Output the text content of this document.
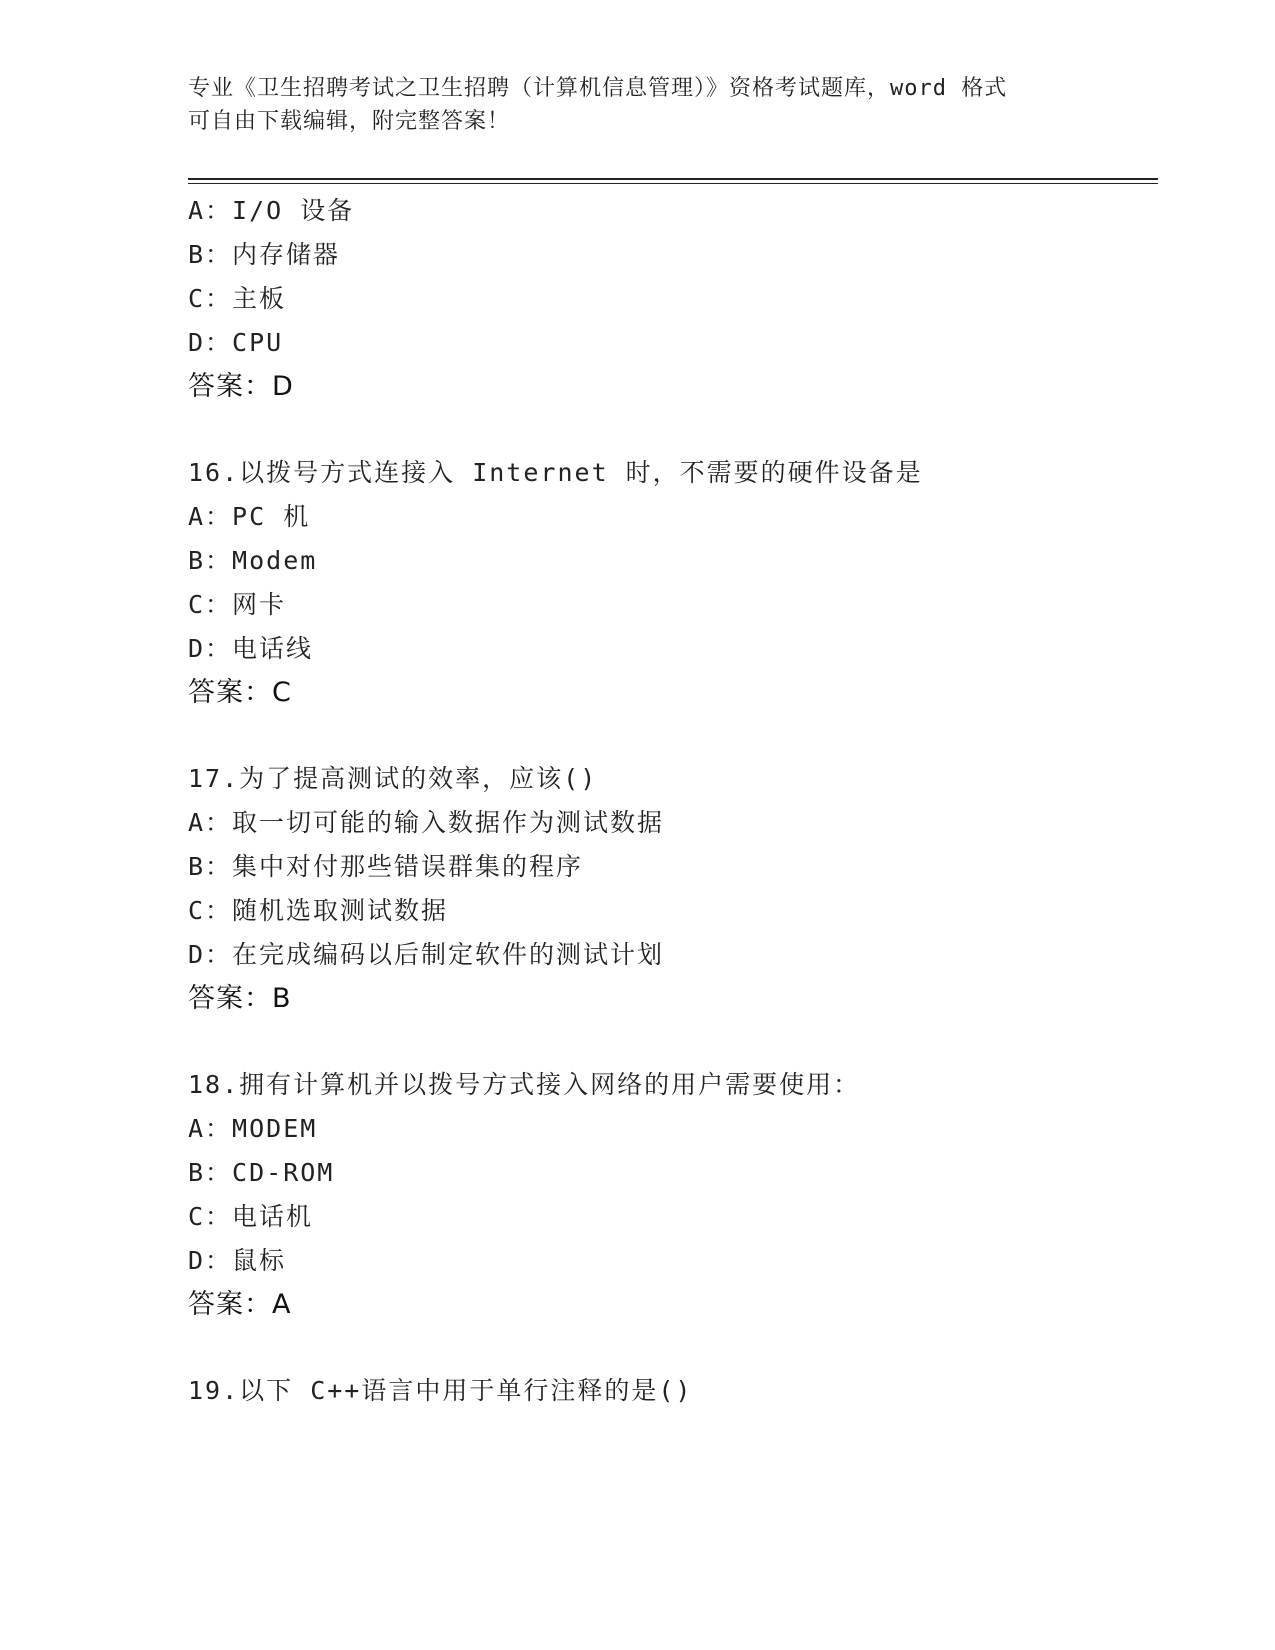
专业《卫生招聘考试之卫生招聘（计算机信息管理）》资格考试题库，word 格式
可自由下载编辑，附完整答案！
A：I/O 设备
B：内存储器
C：主板
D：CPU
答案：D
16.以拨号方式连接入 Internet 时，不需要的硬件设备是
A：PC 机
B：Modem
C：网卡
D：电话线
答案：C
17.为了提高测试的效率，应该()
A：取一切可能的输入数据作为测试数据
B：集中对付那些错误群集的程序
C：随机选取测试数据
D：在完成编码以后制定软件的测试计划
答案：B
18.拥有计算机并以拨号方式接入网络的用户需要使用：
A：MODEM
B：CD-ROM
C：电话机
D：鼠标
答案：A
19.以下 C++语言中用于单行注释的是()
